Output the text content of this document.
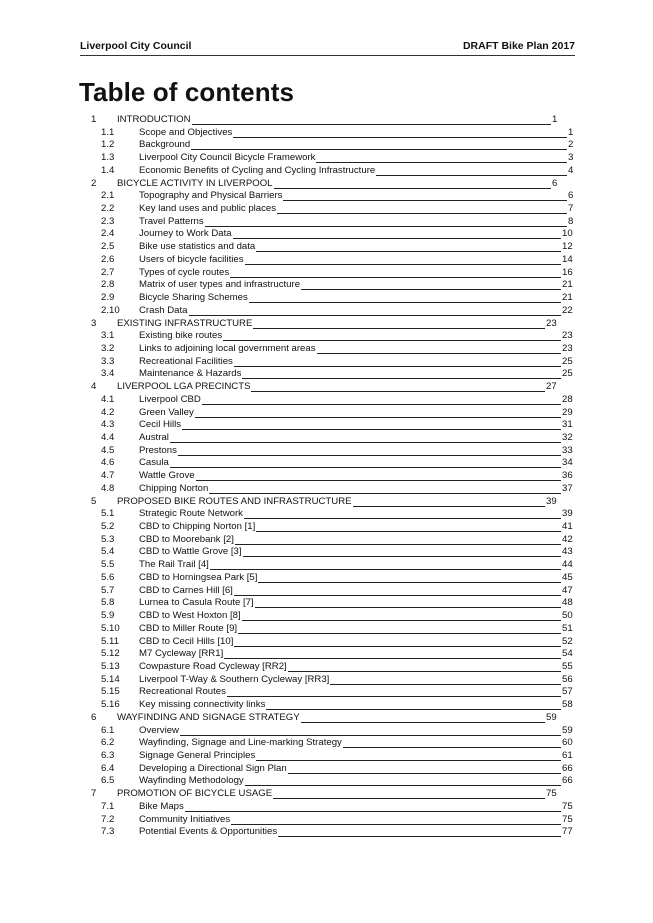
Liverpool City Council	DRAFT Bike Plan 2017
Table of contents
1 INTRODUCTION	1
1.1	Scope and Objectives	1
1.2	Background	2
1.3	Liverpool City Council Bicycle Framework	3
1.4	Economic Benefits of Cycling and Cycling Infrastructure	4
2 BICYCLE ACTIVITY IN LIVERPOOL	6
2.1	Topography and Physical Barriers	6
2.2	Key land uses and public places	7
2.3	Travel Patterns	8
2.4	Journey to Work Data	10
2.5	Bike use statistics and data	12
2.6	Users of bicycle facilities	14
2.7	Types of cycle routes	16
2.8	Matrix of user types and infrastructure	21
2.9	Bicycle Sharing Schemes	21
2.10 Crash Data	22
3 EXISTING INFRASTRUCTURE	23
3.1	Existing bike routes	23
3.2	Links to adjoining local government areas	23
3.3	Recreational Facilities	25
3.4	Maintenance & Hazards	25
4 LIVERPOOL LGA PRECINCTS	27
4.1	Liverpool CBD	28
4.2	Green Valley	29
4.3	Cecil Hills	31
4.4	Austral	32
4.5	Prestons	33
4.6	Casula	34
4.7	Wattle Grove	36
4.8	Chipping Norton	37
5 PROPOSED BIKE ROUTES AND INFRASTRUCTURE	39
5.1	Strategic Route Network	39
5.2	CBD to Chipping Norton [1]	41
5.3	CBD to Moorebank [2]	42
5.4	CBD to Wattle Grove [3]	43
5.5	The Rail Trail [4]	44
5.6	CBD to Horningsea Park [5]	45
5.7	CBD to Carnes Hill [6]	47
5.8	Lurnea to Casula Route [7]	48
5.9	CBD to West Hoxton [8]	50
5.10 CBD to Miller Route [9]	51
5.11 CBD to Cecil Hills [10]	52
5.12 M7 Cycleway [RR1]	54
5.13 Cowpasture Road Cycleway [RR2]	55
5.14 Liverpool T-Way & Southern Cycleway [RR3]	56
5.15 Recreational Routes	57
5.16 Key missing connectivity links	58
6 WAYFINDING AND SIGNAGE STRATEGY	59
6.1	Overview	59
6.2	Wayfinding, Signage and Line-marking Strategy	60
6.3	Signage General Principles	61
6.4	Developing a Directional Sign Plan	66
6.5	Wayfinding Methodology	66
7 PROMOTION OF BICYCLE USAGE	75
7.1	Bike Maps	75
7.2	Community Initiatives	75
7.3	Potential Events & Opportunities	77
